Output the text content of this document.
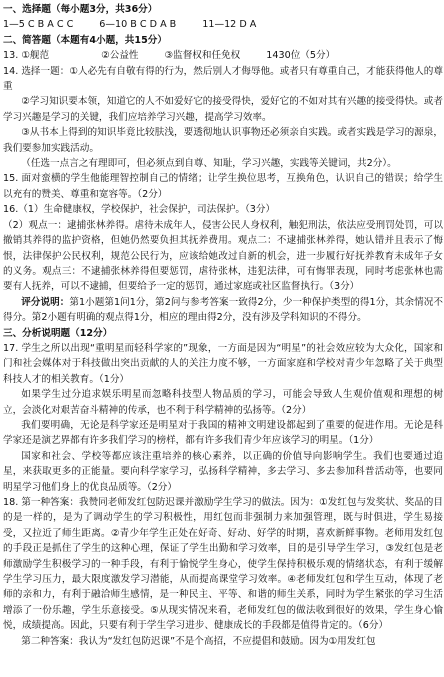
一、选择题（每小题3分，共36分）

1—5 C B A C C	6—10 B C D A B	11—12 D A

二、简答题（本题有4小题，共15分）

13. ①舰范	②公益性	③监督权和任免权	1430位（5分）

14. 选择一题：①人必先有自敬有得的行为，然后别人才侮辱他。或者只有尊重自己，才能获得他人的尊重

②学习知识要本领，知道它的人不如爱好它的接受得快，爱好它的不如对其有兴趣的接受得快。或者学习兴趣是学习的关键，我们应培养学习兴趣，提高学习效率。

③从书本上得到的知识毕竟比较肤浅，要透彻地认识事物还必须亲自实践。或者实践是学习的源泉，我们要参加实践活动。

（任选一点言之有理即可，但必须点到自尊、知耻，学习兴趣，实践等关键词，共2分）。

15. 面对蛮横的学生他能理智控制自己的情绪；让学生换位思考，互换角色，认识自己的错误；给学生以充有的赞美、尊重和宽容等。（2分）

16.（1）生命健康权，学校保护，社会保护，司法保护。（3分）

（2）观点一：逮捕张林养得。虐待未成年人，侵害公民人身权利，触犯刑法，依法应受刑罚处罚，可以撤销其养得的监护资格，但她仍然要负担其抚养费用。观点二：不逮捕张林养得，她认错并且表示了悔恨，法律保护公民权利，规范公民行为，应该给她改过自新的机会，进一步履行好抚养教育未成年子女的义务。观点三：不逮捕张林养得但要惩罚，虐待张林，违犯法律，可有悔罪表现，同时考虑张林也需要有人抚养，可以不逮捕，但要给予一定的惩罚，通过家庭或社区监督执行。（3分）

评分说明：第1小题第1问1分，第2问与参考答案一致得2分，少一种保护类型的得1分，其余情况不得分。第2小题有明确的观点得1分，相应的理由得2分，没有涉及学科知识的不得分。

三、分析说明题（12分）

17. 学生之所以出现“重明星而轻科学家的”现象，一方面是因为“明星”的社会效应较为大众化，国家和门和社会媒体对于科技做出突出贡献的人的关注力度不够，一方面家庭和学校对青少年忽略了关于典型科技人才的相关教育。（1分）

如果学生过分追求娱乐明星而忽略科技型人物品质的学习，可能会导致人生观价值观和理想的树立，会淡化对艰苦奋斗精神的传承，也不利于科学精神的弘扬等。（2分）

我们要明确，无论是科学家还是明星对于我国的精神文明建设都起到了重要的促进作用。无论是科学家还是演艺界都有许多我们学习的榜样，都有许多我们青少年应该学习的明星。（1分）

国家和社会、学校等都应该注重培养的核心素养，以正确的价值导向影响学生。我们也要通过追星，来获取更多的正能量。要向科学家学习，弘扬科学精神，多去学习、多去参加科普活动等，也要同明星学习他们身上的优良品质等。（2分）

18. 第一种答案：我赞同老师发红包防迟课并激励学生学习的做法。因为：①发红包与发奖状、奖品的目的是一样的，是为了调动学生的学习积极性，用红包而非强制力来加强管理，既与时俱进，学生易接受，又拉近了师生距离。②青少年学生正处在好奇、好动、好学的时期，喜欢新鲜事物。老师用发红包的手段正是抓住了学生的这种心理，保证了学生出勤和学习效率，目的是引导学生学习，③发红包是老师激励学生积极学习的一种手段，有利于愉悦学生身心，使学生保持积极乐观的情绪状态，有利于缓解学生学习压力，最大限度激发学习潜能，从而提高课堂学习效率。④老师发红包和学生互动，体现了老师的亲和力，有利于融洽师生感情，是一种民主、平等、和谐的师生关系，同时为学生紧张的学习生活增添了一份乐趣，学生乐意接受。⑤从现实情况来看，老师发红包的做法收到很好的效果，学生身心愉悦，成绩提高。因此，只要有利于学生学习进步、健康成长的手段都是值得肯定的。（6分）

第二种答案：我认为“发红包防迟课”不是个高招，不应提倡和鼓励。因为①用发红包
